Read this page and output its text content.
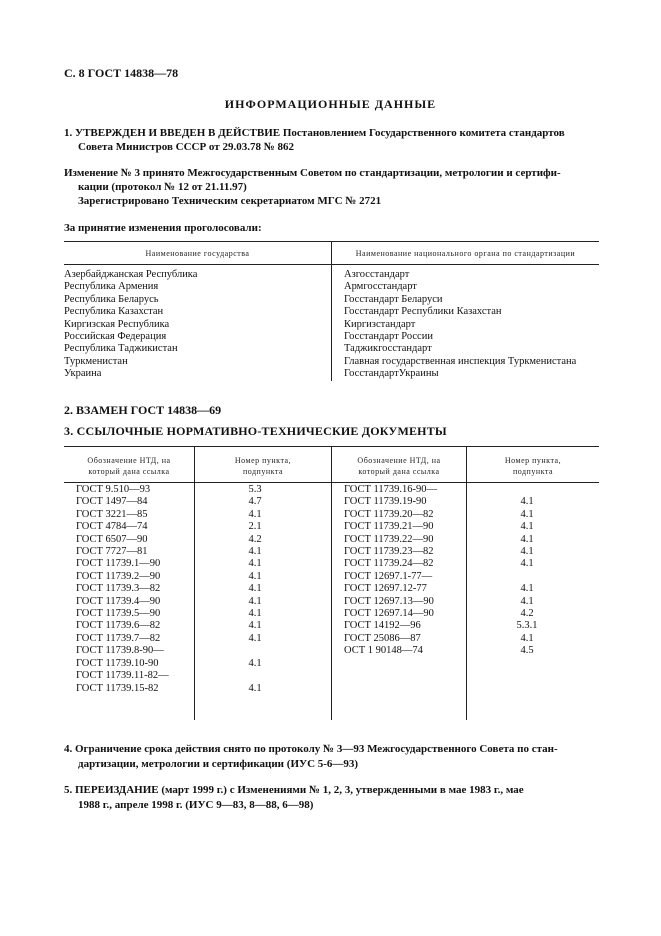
С. 8 ГОСТ 14838—78
ИНФОРМАЦИОННЫЕ ДАННЫЕ
1. УТВЕРЖДЕН И ВВЕДЕН В ДЕЙСТВИЕ Постановлением Государственного комитета стандартов
Совета Министров СССР от 29.03.78 № 862
Изменение № 3 принято Межгосударственным Советом по стандартизации, метрологии и сертифи-
кации (протокол № 12 от 21.11.97)
Зарегистрировано Техническим секретариатом МГС № 2721
За принятие изменения проголосовали:
Наименование государства	Наименование национального органа по стандартизации
Азербайджанская Республика
Республика Армения
Республика Беларусь
Республика Казахстан
Киргизская Республика
Российская Федерация
Республика Таджикистан
Туркменистан
Украина
Азгосстандарт
Армгосстандарт
Госстандарт Беларуси
Госстандарт Республики Казахстан
Киргизстандарт
Госстандарт России
Таджикгосстандарт
Главная государственная инспекция Туркменистана
ГосстандартУкраины
2. ВЗАМЕН ГОСТ 14838—69
3. ССЫЛОЧНЫЕ НОРМАТИВНО-ТЕХНИЧЕСКИЕ ДОКУМЕНТЫ
Обозначение НТД, на
который дана ссылка
Номер пункта,
подпункта
Обозначение НТД, на
который дана ссылка
Номер пункта,
подпункта
ГОСТ 9.510—93
ГОСТ 1497—84
ГОСТ 3221—85
ГОСТ 4784—74
ГОСТ 6507—90
ГОСТ 7727—81
ГОСТ 11739.1—90
ГОСТ 11739.2—90
ГОСТ 11739.3—82
ГОСТ 11739.4—90
ГОСТ 11739.5—90
ГОСТ 11739.6—82
ГОСТ 11739.7—82
ГОСТ 11739.8-90—
ГОСТ 11739.10-90
ГОСТ 11739.11-82—
ГОСТ 11739.15-82
5.3
4.7
4.1
2.1
4.2
4.1
4.1
4.1
4.1
4.1
4.1
4.1
4.1

4.1

4.1
ГОСТ 11739.16-90—
ГОСТ 11739.19-90
ГОСТ 11739.20—82
ГОСТ 11739.21—90
ГОСТ 11739.22—90
ГОСТ 11739.23—82
ГОСТ 11739.24—82
ГОСТ 12697.1-77—
ГОСТ 12697.12-77
ГОСТ 12697.13—90
ГОСТ 12697.14—90
ГОСТ 14192—96
ГОСТ 25086—87
ОСТ 1 90148—74

4.1
4.1
4.1
4.1
4.1
4.1

4.1
4.1
4.2
5.3.1
4.1
4.5
4. Ограничение срока действия снято по протоколу № 3—93 Межгосударственного Совета по стан-
дартизации, метрологии и сертификации (ИУС 5-6—93)
5. ПЕРЕИЗДАНИЕ (март 1999 г.) с Изменениями № 1, 2, 3, утвержденными в мае 1983 г., мае
1988 г., апреле 1998 г. (ИУС 9—83, 8—88, 6—98)
